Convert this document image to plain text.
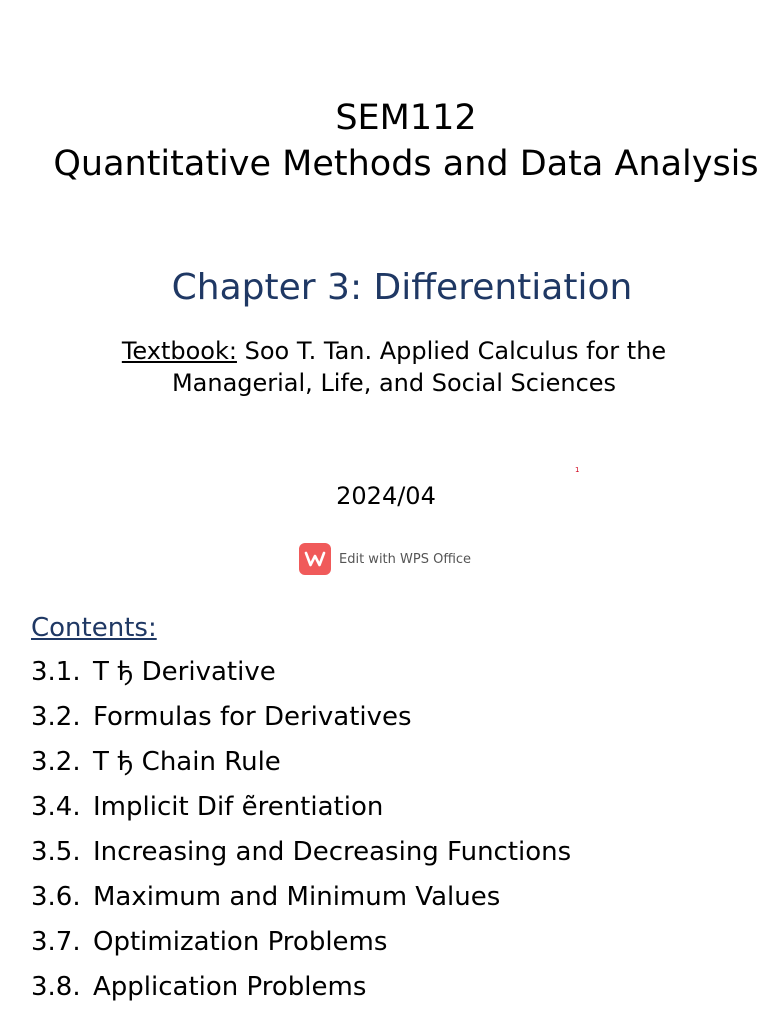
SEM112
Quantitative Methods and Data Analysis
Chapter 3: Differentiation
Textbook: Soo T. Tan. Applied Calculus for the
Managerial, Life, and Social Sciences
1
2024/04
Edit with WPS Office
Contents:
3.1. T ђ Derivative
3.2. Formulas for Derivatives
3.2. T ђ Chain Rule
3.4. Implicit Dif ẽrentiation
3.5. Increasing and Decreasing Functions
3.6. Maximum and Minimum Values
3.7. Optimization Problems
3.8. Application Problems
